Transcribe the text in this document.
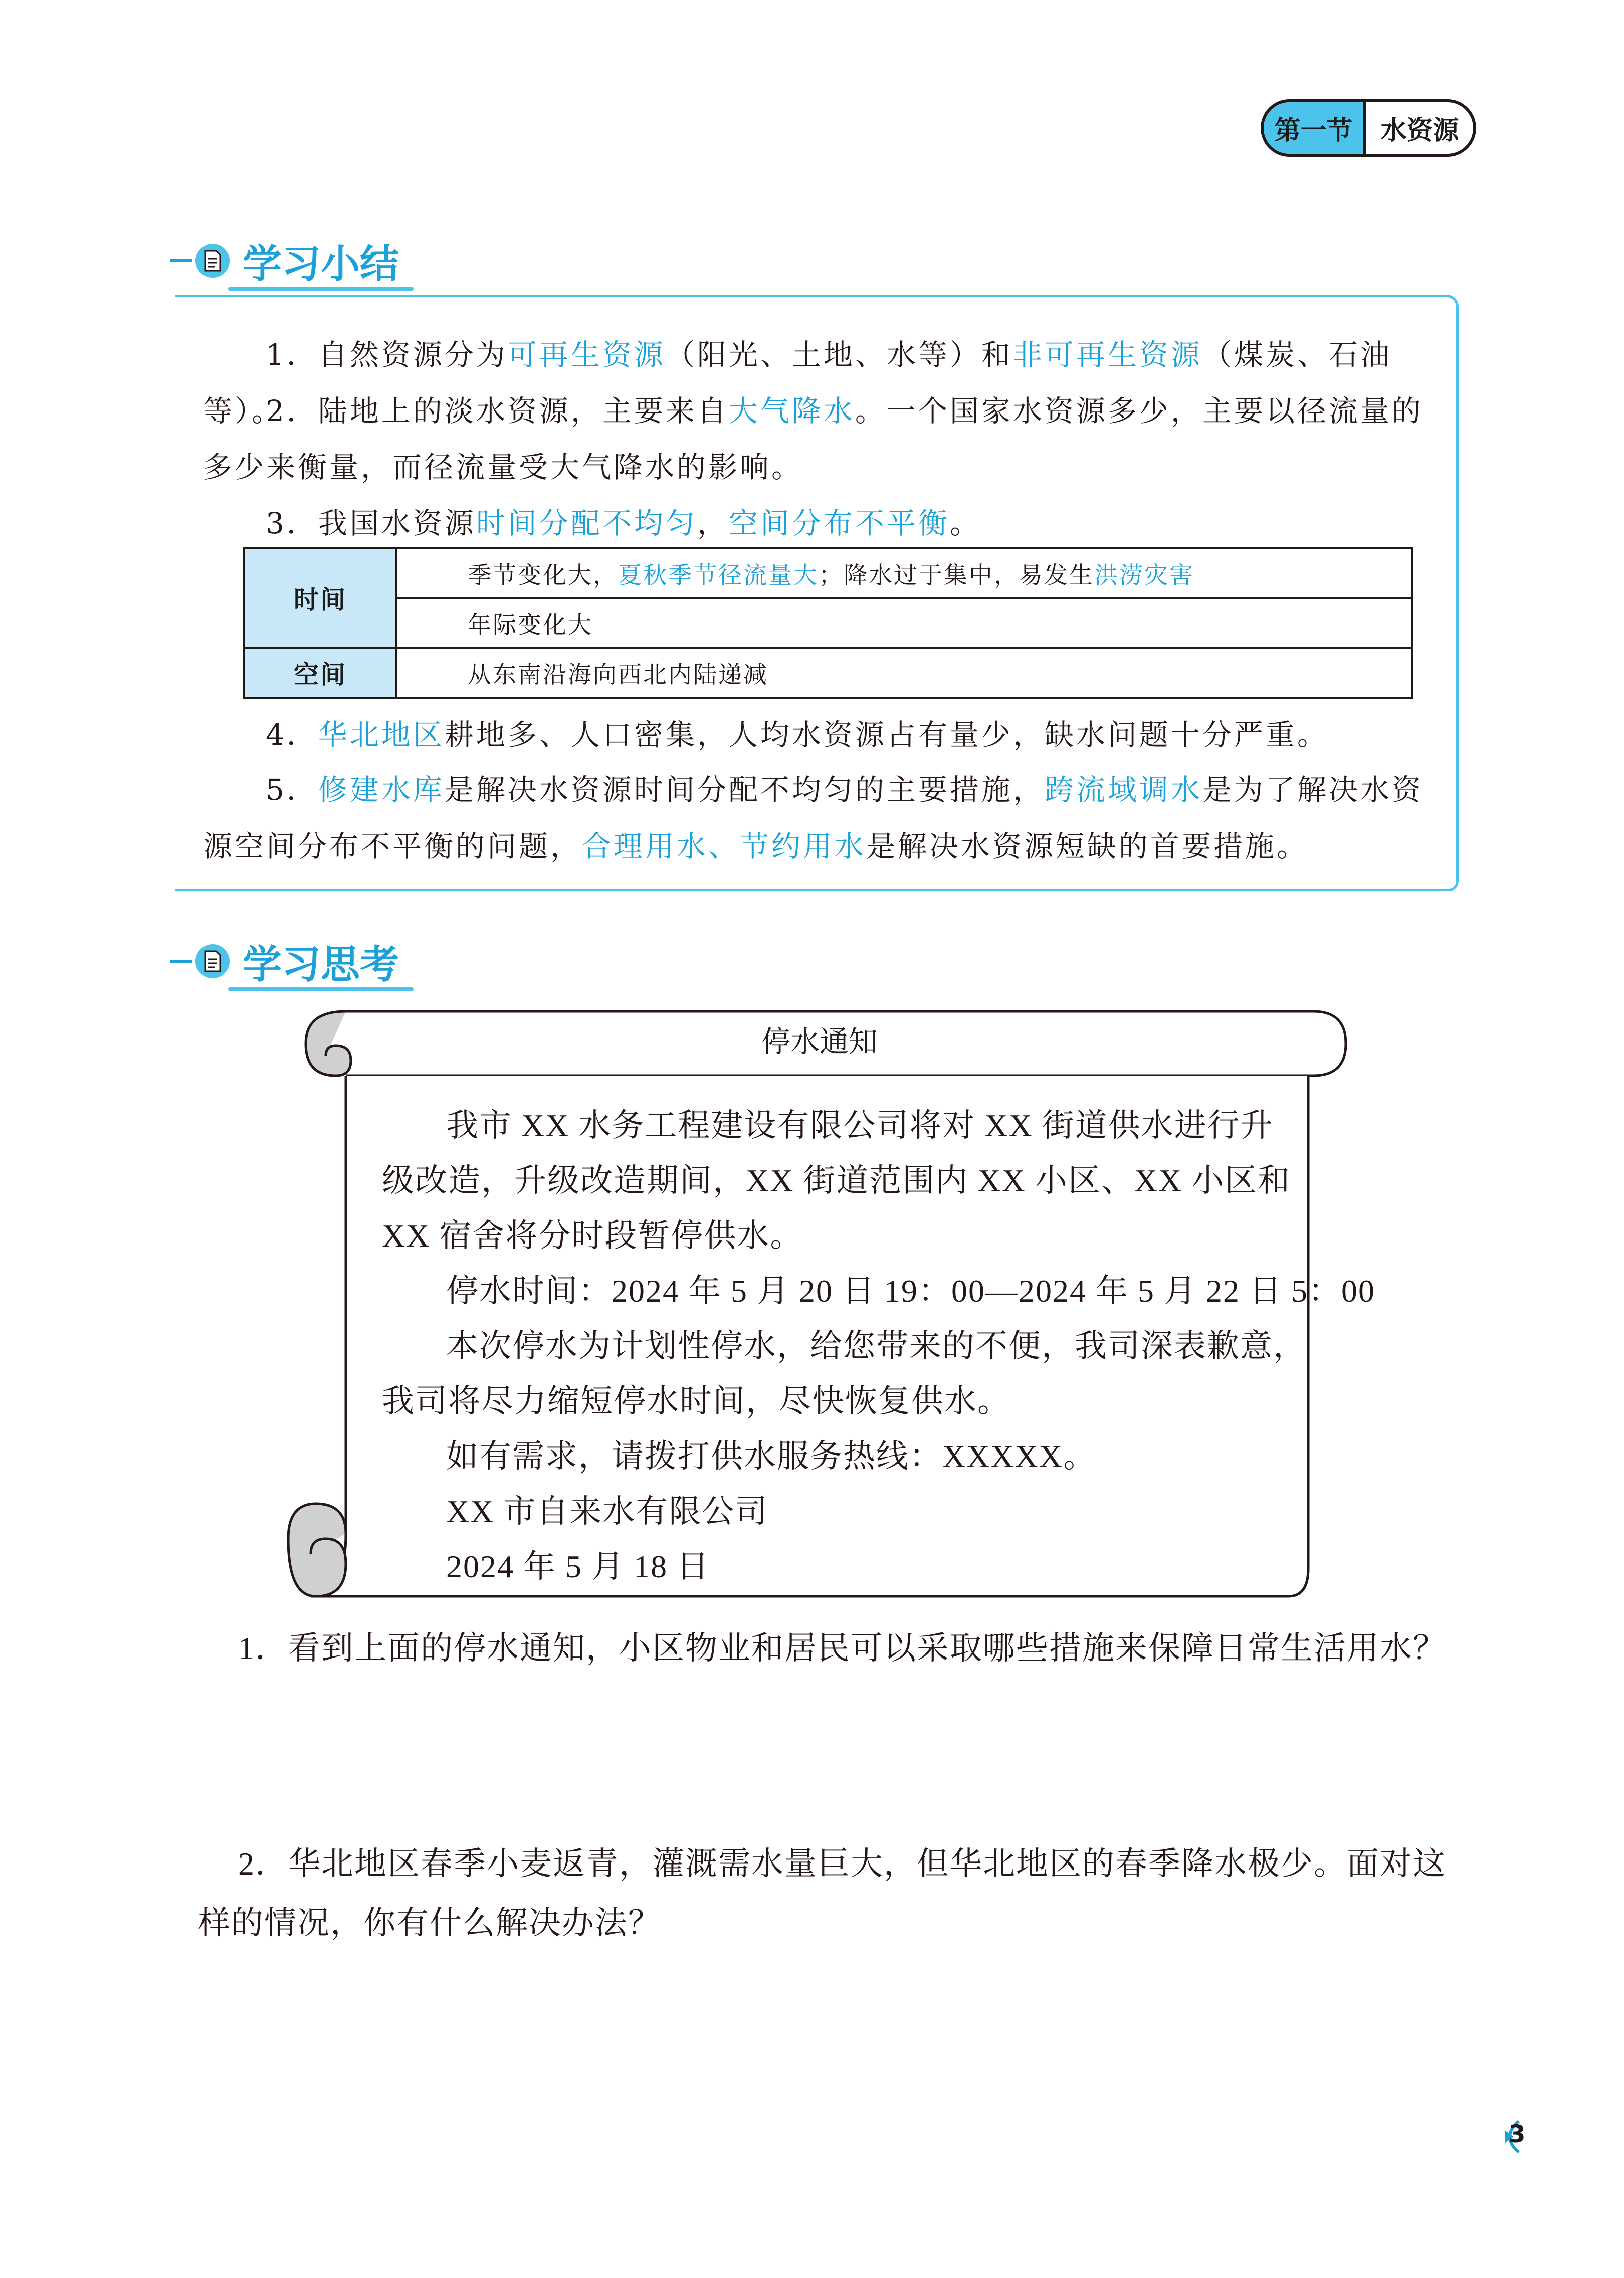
第一节	水资源
学习小结
1．自然资源分为可再生资源（阳光、土地、水等）和非可再生资源（煤炭、石油等）。
2．陆地上的淡水资源，主要来自大气降水。一个国家水资源多少，主要以径流量的多少来衡量，而径流量受大气降水的影响。
3．我国水资源时间分配不均匀，空间分布不平衡。
时间	季节变化大，夏秋季节径流量大；降水过于集中，易发生洪涝灾害
	年际变化大
空间	从东南沿海向西北内陆递减
4．华北地区耕地多、人口密集，人均水资源占有量少，缺水问题十分严重。
5．修建水库是解决水资源时间分配不均匀的主要措施，跨流域调水是为了解决水资源空间分布不平衡的问题，合理用水、节约用水是解决水资源短缺的首要措施。
学习思考
停水通知
我市 XX 水务工程建设有限公司将对 XX 街道供水进行升
级改造，升级改造期间，XX 街道范围内 XX 小区、XX 小区和
XX 宿舍将分时段暂停供水。
停水时间：2024 年 5 月 20 日 19：00—2024 年 5 月 22 日 5：00
本次停水为计划性停水，给您带来的不便，我司深表歉意，
我司将尽力缩短停水时间，尽快恢复供水。
如有需求，请拨打供水服务热线：XXXXX。
XX 市自来水有限公司
2024 年 5 月 18 日
1．看到上面的停水通知，小区物业和居民可以采取哪些措施来保障日常生活用水？
2．华北地区春季小麦返青，灌溉需水量巨大，但华北地区的春季降水极少。面对这样的情况，你有什么解决办法？
3
